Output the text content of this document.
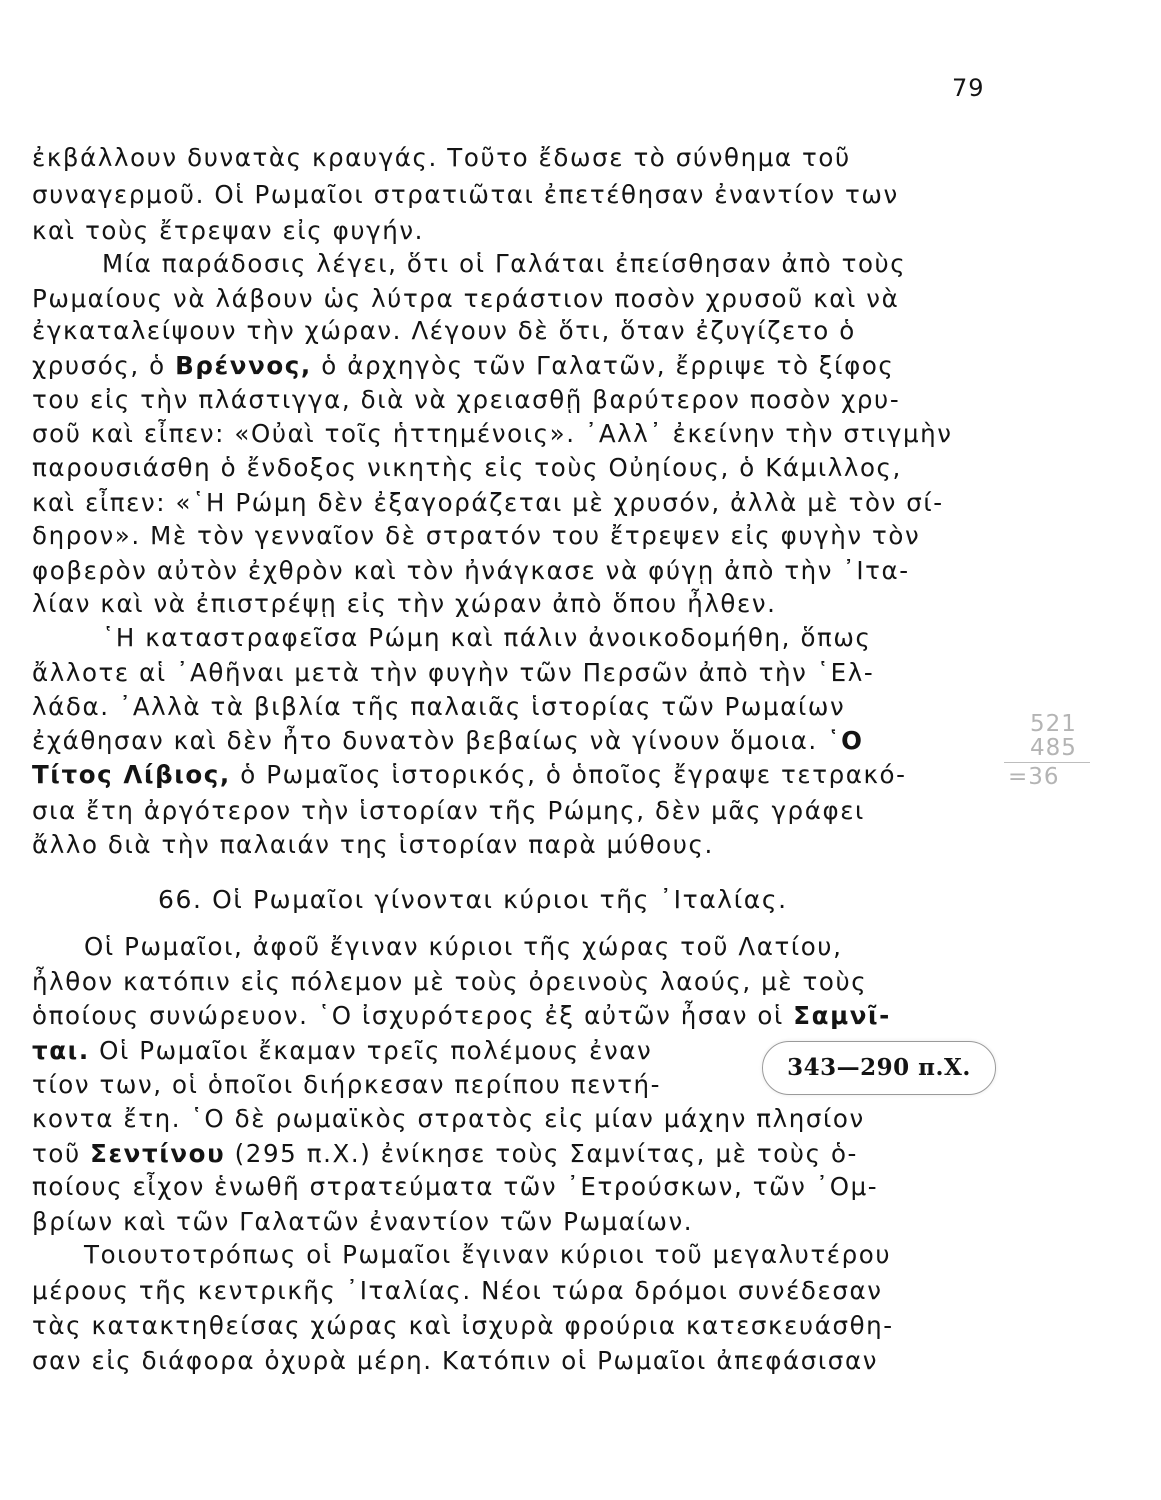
79
ἐκβάλλουν δυνατὰς κραυγάς. Τοῦτο ἔδωσε τὸ σύνθημα τοῦ
συναγερμοῦ. Οἱ Ρωμαῖοι στρατιῶται ἐπετέθησαν ἐναντίον των
καὶ τοὺς ἔτρεψαν εἰς φυγήν.
Μία παράδοσις λέγει, ὅτι οἱ Γαλάται ἐπείσθησαν ἀπὸ τοὺς
Ρωμαίους νὰ λάβουν ὡς λύτρα τεράστιον ποσὸν χρυσοῦ καὶ νὰ
ἐγκαταλείψουν τὴν χώραν. Λέγουν δὲ ὅτι, ὅταν ἐζυγίζετο ὁ
χρυσός, ὁ Βρέννος, ὁ ἀρχηγὸς τῶν Γαλατῶν, ἔρριψε τὸ ξίφος
του εἰς τὴν πλάστιγγα, διὰ νὰ χρειασθῇ βαρύτερον ποσὸν χρυ-
σοῦ καὶ εἶπεν: «Οὐαὶ τοῖς ἡττημένοις». ᾿Αλλ᾿ ἐκείνην τὴν στιγμὴν
παρουσιάσθη ὁ ἔνδοξος νικητὴς εἰς τοὺς Οὐηίους, ὁ Κάμιλλος,
καὶ εἶπεν: «῾Η Ρώμη δὲν ἐξαγοράζεται μὲ χρυσόν, ἀλλὰ μὲ τὸν σί-
δηρον». Μὲ τὸν γενναῖον δὲ στρατόν του ἔτρεψεν εἰς φυγὴν τὸν
φοβερὸν αὐτὸν ἐχθρὸν καὶ τὸν ἠνάγκασε νὰ φύγῃ ἀπὸ τὴν ᾿Ιτα-
λίαν καὶ νὰ ἐπιστρέψῃ εἰς τὴν χώραν ἀπὸ ὅπου ἦλθεν.
῾Η καταστραφεῖσα Ρώμη καὶ πάλιν ἀνοικοδομήθη, ὅπως
ἄλλοτε αἱ ᾿Αθῆναι μετὰ τὴν φυγὴν τῶν Περσῶν ἀπὸ τὴν ῾Ελ-
λάδα. ᾿Αλλὰ τὰ βιβλία τῆς παλαιᾶς ἱστορίας τῶν Ρωμαίων
ἐχάθησαν καὶ δὲν ἦτο δυνατὸν βεβαίως νὰ γίνουν ὅμοια. ῾Ο
Τίτος Λίβιος, ὁ Ρωμαῖος ἱστορικός, ὁ ὁποῖος ἔγραψε τετρακό-
σια ἔτη ἀργότερον τὴν ἱστορίαν τῆς Ρώμης, δὲν μᾶς γράφει
ἄλλο διὰ τὴν παλαιάν της ἱστορίαν παρὰ μύθους.
66. Οἱ Ρωμαῖοι γίνονται κύριοι τῆς ᾿Ιταλίας.
Οἱ Ρωμαῖοι, ἀφοῦ ἔγιναν κύριοι τῆς χώρας τοῦ Λατίου,
ἦλθον κατόπιν εἰς πόλεμον μὲ τοὺς ὀρεινοὺς λαούς, μὲ τοὺς
ὁποίους συνώρευον. ῾Ο ἰσχυρότερος ἐξ αὐτῶν ἦσαν οἱ Σαμνῖ-
ται. Οἱ Ρωμαῖοι ἔκαμαν τρεῖς πολέμους ἐναν
τίον των, οἱ ὁποῖοι διήρκεσαν περίπου πεντή-
κοντα ἔτη. ῾Ο δὲ ρωμαϊκὸς στρατὸς εἰς μίαν μάχην πλησίον
τοῦ Σεντίνου (295 π.Χ.) ἐνίκησε τοὺς Σαμνίτας, μὲ τοὺς ὁ-
ποίους εἶχον ἑνωθῆ στρατεύματα τῶν ᾿Ετρούσκων, τῶν ᾿Ομ-
βρίων καὶ τῶν Γαλατῶν ἐναντίον τῶν Ρωμαίων.
Τοιουτοτρόπως οἱ Ρωμαῖοι ἔγιναν κύριοι τοῦ μεγαλυτέρου
μέρους τῆς κεντρικῆς ᾿Ιταλίας. Νέοι τώρα δρόμοι συνέδεσαν
τὰς κατακτηθείσας χώρας καὶ ἰσχυρὰ φρούρια κατεσκευάσθη-
σαν εἰς διάφορα ὀχυρὰ μέρη. Κατόπιν οἱ Ρωμαῖοι ἀπεφάσισαν
343—290 π.Χ.
521
485
=36
